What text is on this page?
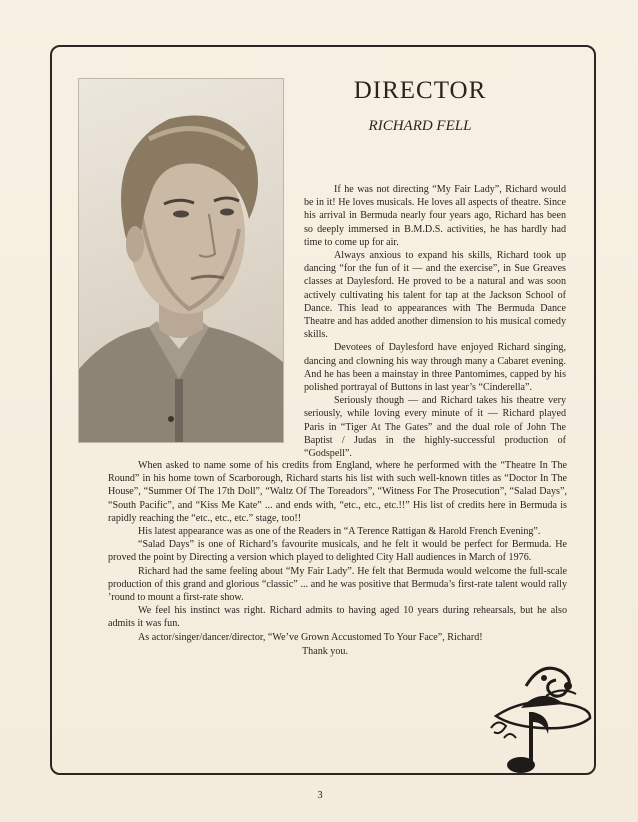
DIRECTOR
RICHARD FELL

If he was not directing “My Fair Lady”, Richard would be in it! He loves musicals. He loves all aspects of theatre. Since his arrival in Bermuda nearly four years ago, Richard has been so deeply immersed in B.M.D.S. activities, he has hardly had time to come up for air.

Always anxious to expand his skills, Richard took up dancing “for the fun of it — and the exercise”, in Sue Greaves classes at Daylesford. He proved to be a natural and was soon actively cultivating his talent for tap at the Jackson School of Dance. This lead to appearances with The Bermuda Dance Theatre and has added another dimension to his musical comedy skills.

Devotees of Daylesford have enjoyed Richard singing, dancing and clowning his way through many a Cabaret evening. And he has been a mainstay in three Pantomimes, capped by his polished portrayal of Buttons in last year’s “Cinderella”.

Seriously though — and Richard takes his theatre very seriously, while loving every minute of it — Richard played Paris in “Tiger At The Gates” and the dual role of John The Baptist / Judas in the highly-successful production of “Godspell”.

When asked to name some of his credits from England, where he performed with the “Theatre In The Round” in his home town of Scarborough, Richard starts his list with such well-known titles as “Doctor In The House”, “Summer Of The 17th Doll”, “Waltz Of The Toreadors”, “Witness For The Prosecution”, “Salad Days”, “South Pacific”, and “Kiss Me Kate” ... and ends with, “etc., etc., etc.!!” His list of credits here in Bermuda is rapidly reaching the “etc., etc., etc.” stage, too!!

His latest appearance was as one of the Readers in “A Terence Rattigan & Harold French Evening”.

“Salad Days” is one of Richard’s favourite musicals, and he felt it would be perfect for Bermuda. He proved the point by Directing a version which played to delighted City Hall audiences in March of 1976.

Richard had the same feeling about “My Fair Lady”. He felt that Bermuda would welcome the full-scale production of this grand and glorious “classic” ... and he was positive that Bermuda’s first-rate talent would rally ’round to mount a first-rate show.

We feel his instinct was right. Richard admits to having aged 10 years during rehearsals, but he also admits it was fun.

As actor/singer/dancer/director, “We’ve Grown Accustomed To Your Face”, Richard!

Thank you.
3
